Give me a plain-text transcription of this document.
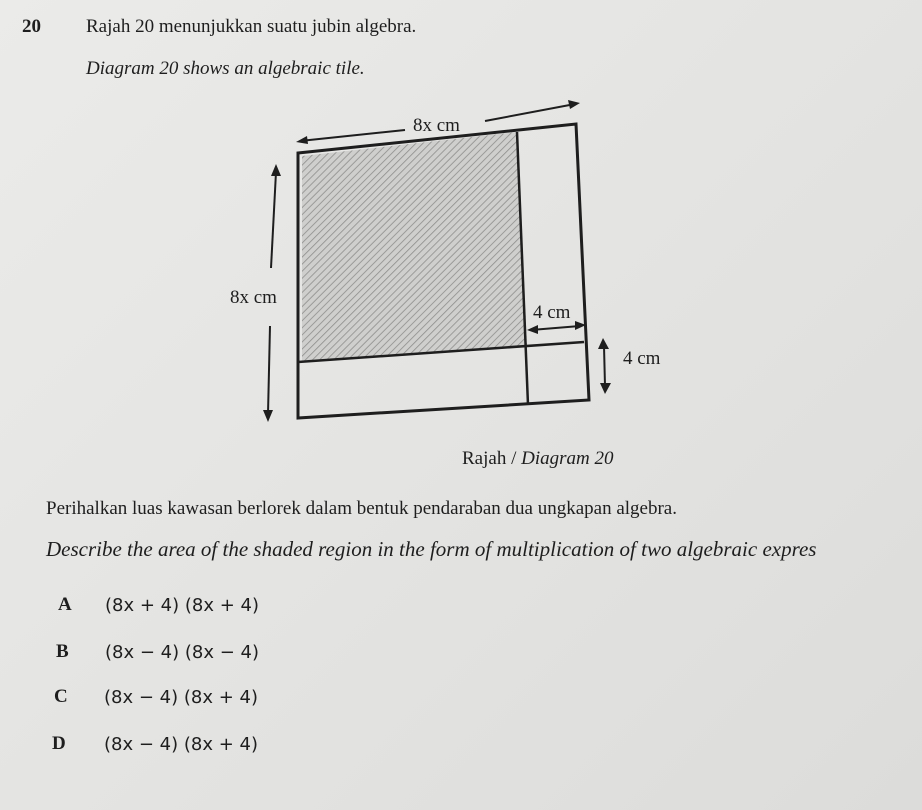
20 Rajah 20 menunjukkan suatu jubin algebra.
Diagram 20 shows an algebraic tile.
8x cm
8x cm
4 cm
4 cm
Rajah / Diagram 20
Perihalkan luas kawasan berlorek dalam bentuk pendaraban dua ungkapan algebra.
Describe the area of the shaded region in the form of multiplication of two algebraic expres
A (8x + 4) (8x + 4)
B (8x − 4) (8x − 4)
C (8x − 4) (8x + 4)
D (8x − 4) (8x + 4)
